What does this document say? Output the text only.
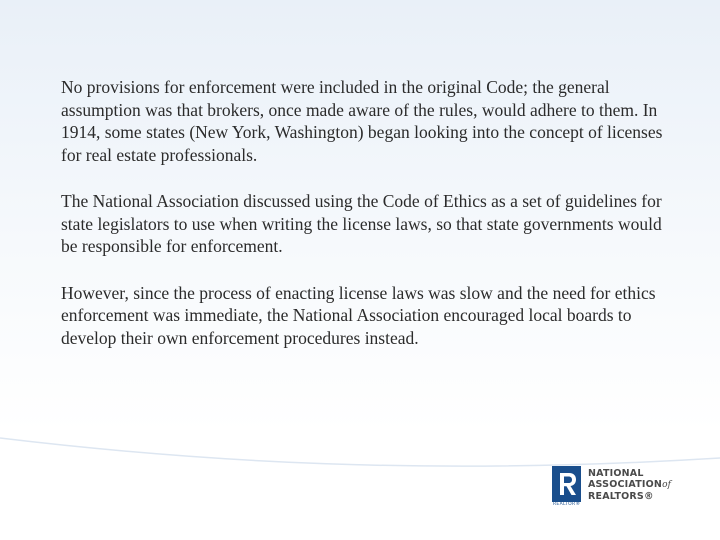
No provisions for enforcement were included in the original Code; the general assumption was that brokers, once made aware of the rules, would adhere to them. In 1914, some states (New York, Washington) began looking into the concept of licenses for real estate professionals.

The National Association discussed using the Code of Ethics as a set of guidelines for state legislators to use when writing the license laws, so that state governments would be responsible for enforcement.

However, since the process of enacting license laws was slow and the need for ethics enforcement was immediate, the National Association encouraged local boards to develop their own enforcement procedures instead.

REALTOR®
NATIONAL
ASSOCIATIONof
REALTORS®
